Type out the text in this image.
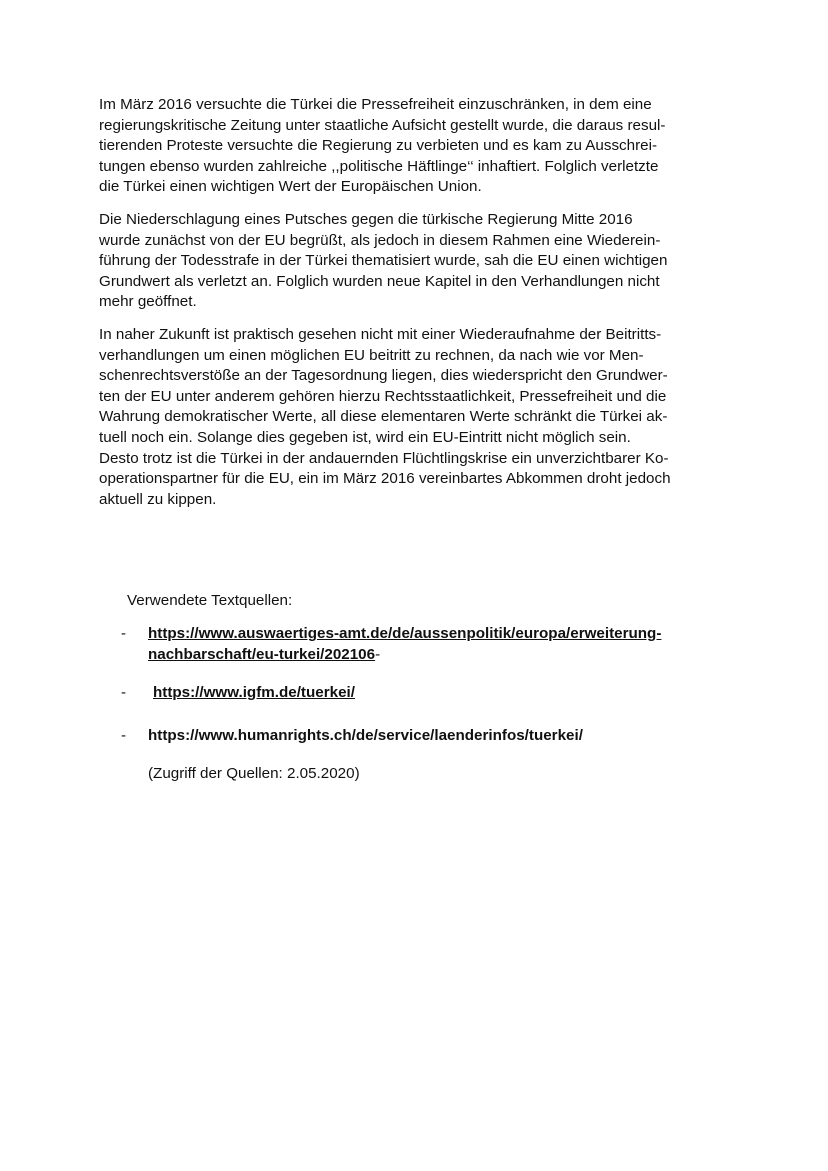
Im März 2016 versuchte die Türkei die Pressefreiheit einzuschränken, in dem eine
regierungskritische Zeitung unter staatliche Aufsicht gestellt wurde, die daraus resul-
tierenden Proteste versuchte die Regierung zu verbieten und es kam zu Ausschrei-
tungen ebenso wurden zahlreiche ,,politische Häftlinge‘‘ inhaftiert. Folglich verletzte
die Türkei einen wichtigen Wert der Europäischen Union.

Die Niederschlagung eines Putsches gegen die türkische Regierung Mitte 2016
wurde zunächst von der EU begrüßt, als jedoch in diesem Rahmen eine Wiederein-
führung der Todesstrafe in der Türkei thematisiert wurde, sah die EU einen wichtigen
Grundwert als verletzt an. Folglich wurden neue Kapitel in den Verhandlungen nicht
mehr geöffnet.

In naher Zukunft ist praktisch gesehen nicht mit einer Wiederaufnahme der Beitritts-
verhandlungen um einen möglichen EU beitritt zu rechnen, da nach wie vor Men-
schenrechtsverstöße an der Tagesordnung liegen, dies wiederspricht den Grundwer-
ten der EU unter anderem gehören hierzu Rechtsstaatlichkeit, Pressefreiheit und die
Wahrung demokratischer Werte, all diese elementaren Werte schränkt die Türkei ak-
tuell noch ein. Solange dies gegeben ist, wird ein EU-Eintritt nicht möglich sein.
Desto trotz ist die Türkei in der andauernden Flüchtlingskrise ein unverzichtbarer Ko-
operationspartner für die EU, ein im März 2016 vereinbartes Abkommen droht jedoch
aktuell zu kippen.

Verwendete Textquellen:

- https://www.auswaertiges-amt.de/de/aussenpolitik/europa/erweiterung-
nachbarschaft/eu-turkei/202106-
- https://www.igfm.de/tuerkei/
- https://www.humanrights.ch/de/service/laenderinfos/tuerkei/

(Zugriff der Quellen: 2.05.2020)
